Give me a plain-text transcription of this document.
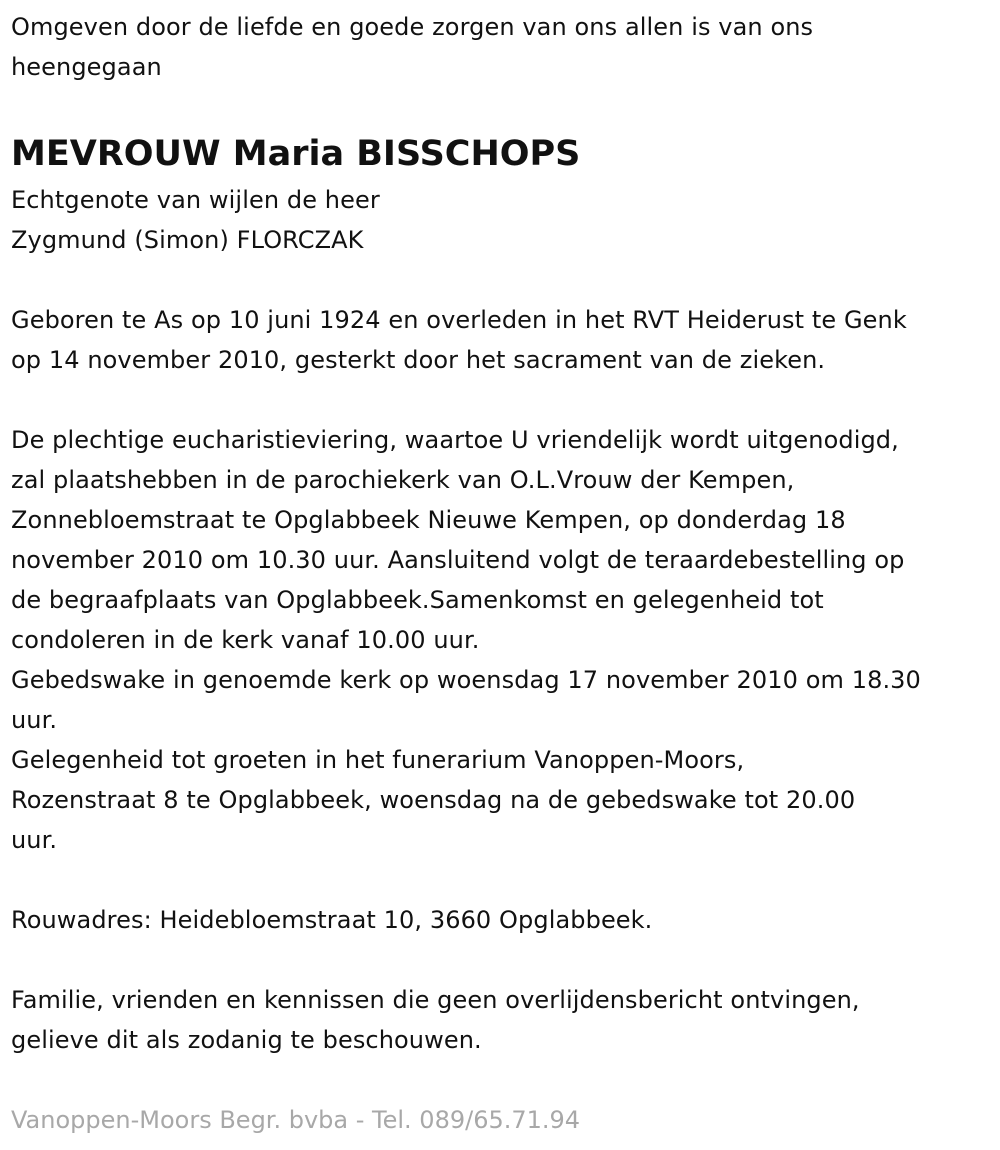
Omgeven door de liefde en goede zorgen van ons allen is van ons
heengegaan
MEVROUW Maria BISSCHOPS
Echtgenote van wijlen de heer
Zygmund (Simon) FLORCZAK
Geboren te As op 10 juni 1924 en overleden in het RVT Heiderust te Genk
op 14 november 2010, gesterkt door het sacrament van de zieken.
De plechtige eucharistieviering, waartoe U vriendelijk wordt uitgenodigd,
zal plaatshebben in de parochiekerk van O.L.Vrouw der Kempen,
Zonnebloemstraat te Opglabbeek Nieuwe Kempen, op donderdag 18
november 2010 om 10.30 uur. Aansluitend volgt de teraardebestelling op
de begraafplaats van Opglabbeek.Samenkomst en gelegenheid tot
condoleren in de kerk vanaf 10.00 uur.
Gebedswake in genoemde kerk op woensdag 17 november 2010 om 18.30
uur.
Gelegenheid tot groeten in het funerarium Vanoppen-Moors,
Rozenstraat 8 te Opglabbeek, woensdag na de gebedswake tot 20.00
uur.
Rouwadres: Heidebloemstraat 10, 3660 Opglabbeek.
Familie, vrienden en kennissen die geen overlijdensbericht ontvingen,
gelieve dit als zodanig te beschouwen.
Vanoppen-Moors Begr. bvba - Tel. 089/65.71.94
